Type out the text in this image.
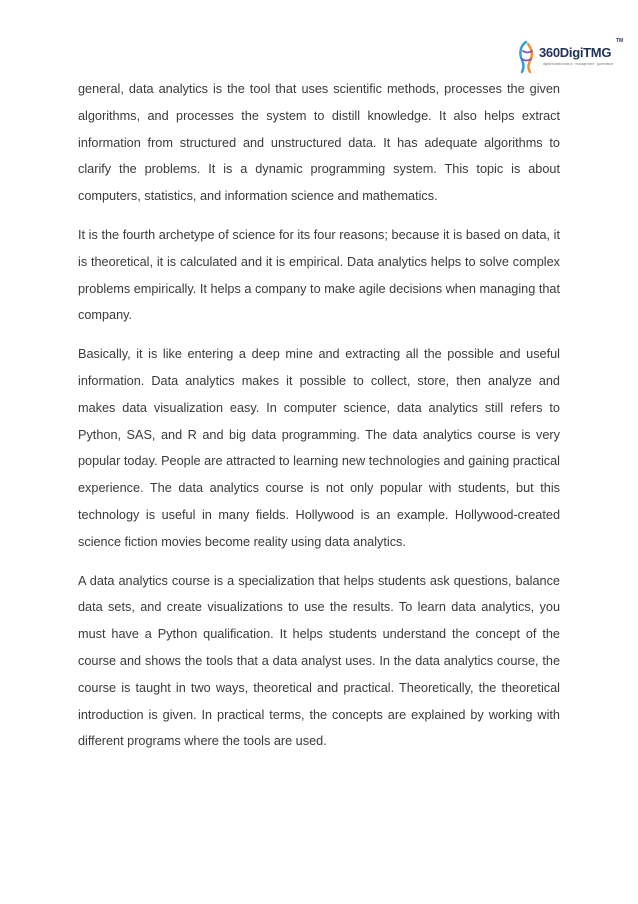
360DigiTMG
TM
digital transformation · management · governance

general, data analytics is the tool that uses scientific methods, processes the given algorithms, and processes the system to distill knowledge. It also helps extract information from structured and unstructured data. It has adequate algorithms to clarify the problems. It is a dynamic programming system. This topic is about computers, statistics, and information science and mathematics.

It is the fourth archetype of science for its four reasons; because it is based on data, it is theoretical, it is calculated and it is empirical. Data analytics helps to solve complex problems empirically. It helps a company to make agile decisions when managing that company.

Basically, it is like entering a deep mine and extracting all the possible and useful information. Data analytics makes it possible to collect, store, then analyze and makes data visualization easy. In computer science, data analytics still refers to Python, SAS, and R and big data programming. The data analytics course is very popular today. People are attracted to learning new technologies and gaining practical experience. The data analytics course is not only popular with students, but this technology is useful in many fields. Hollywood is an example. Hollywood-created science fiction movies become reality using data analytics.

A data analytics course is a specialization that helps students ask questions, balance data sets, and create visualizations to use the results. To learn data analytics, you must have a Python qualification. It helps students understand the concept of the course and shows the tools that a data analyst uses. In the data analytics course, the course is taught in two ways, theoretical and practical. Theoretically, the theoretical introduction is given. In practical terms, the concepts are explained by working with different programs where the tools are used.
